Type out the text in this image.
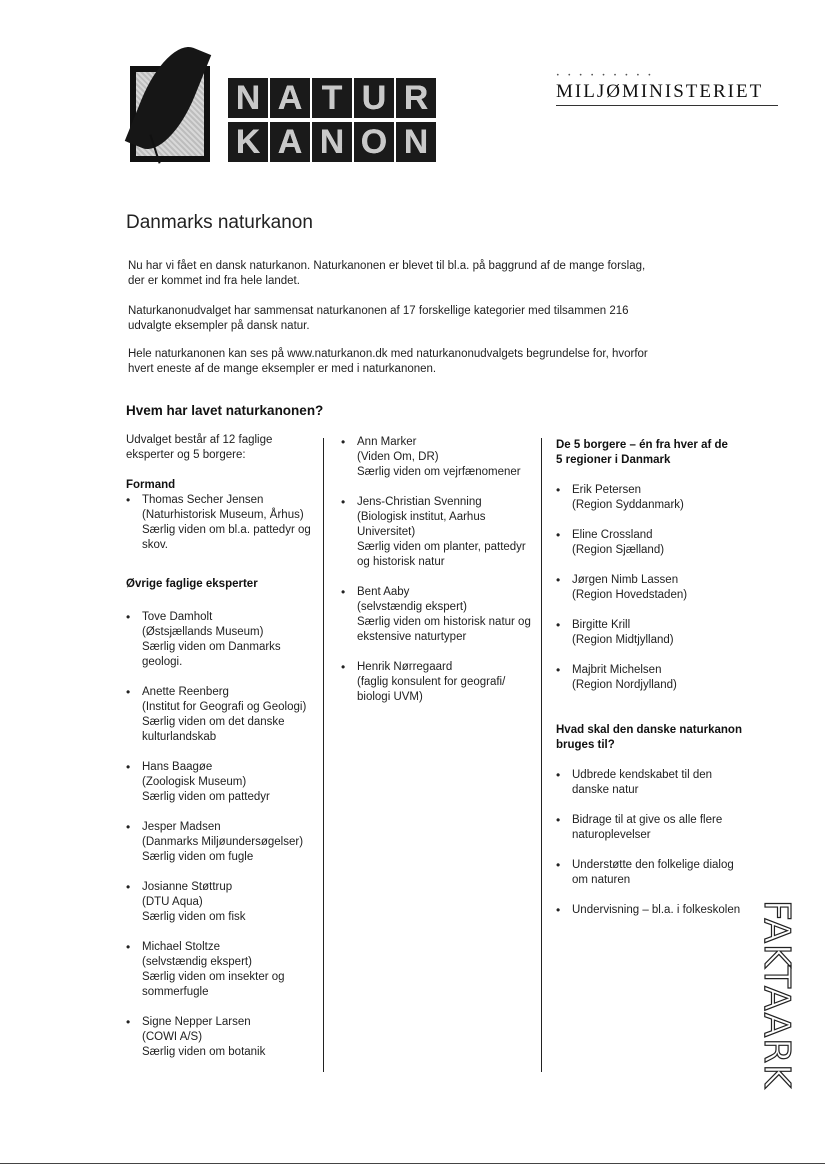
N A T U R
K A N O N
• • • • • • • • •
MILJØMINISTERIET
Danmarks naturkanon
Nu har vi fået en dansk naturkanon. Naturkanonen er blevet til bl.a. på baggrund af de mange forslag, der er kommet ind fra hele landet.
Naturkanonudvalget har sammensat naturkanonen af 17 forskellige kategorier med tilsammen 216 udvalgte eksempler på dansk natur.
Hele naturkanonen kan ses på www.naturkanon.dk med naturkanonudvalgets begrundelse for, hvorfor hvert eneste af de mange eksempler er med i naturkanonen.
Hvem har lavet naturkanonen?
Udvalget består af 12 faglige
eksperter og 5 borgere:
Formand
• Thomas Secher Jensen
(Naturhistorisk Museum, Århus)
Særlig viden om bl.a. pattedyr og
skov.
Øvrige faglige eksperter
• Tove Damholt
(Østsjællands Museum)
Særlig viden om Danmarks
geologi.
• Anette Reenberg
(Institut for Geografi og Geologi)
Særlig viden om det danske
kulturlandskab
• Hans Baagøe
(Zoologisk Museum)
Særlig viden om pattedyr
• Jesper Madsen
(Danmarks Miljøundersøgelser)
Særlig viden om fugle
• Josianne Støttrup
(DTU Aqua)
Særlig viden om fisk
• Michael Stoltze
(selvstændig ekspert)
Særlig viden om insekter og
sommerfugle
• Signe Nepper Larsen
(COWI A/S)
Særlig viden om botanik
• Ann Marker
(Viden Om, DR)
Særlig viden om vejrfænomener
• Jens-Christian Svenning
(Biologisk institut, Aarhus
Universitet)
Særlig viden om planter, pattedyr
og historisk natur
• Bent Aaby
(selvstændig ekspert)
Særlig viden om historisk natur og
ekstensive naturtyper
• Henrik Nørregaard
(faglig konsulent for geografi/
biologi UVM)
De 5 borgere – én fra hver af de
5 regioner i Danmark
• Erik Petersen
(Region Syddanmark)
• Eline Crossland
(Region Sjælland)
• Jørgen Nimb Lassen
(Region Hovedstaden)
• Birgitte Krill
(Region Midtjylland)
• Majbrit Michelsen
(Region Nordjylland)
Hvad skal den danske naturkanon
bruges til?
• Udbrede kendskabet til den
danske natur
• Bidrage til at give os alle flere
naturoplevelser
• Understøtte den folkelige dialog
om naturen
• Undervisning – bl.a. i folkeskolen FAKTAARK
